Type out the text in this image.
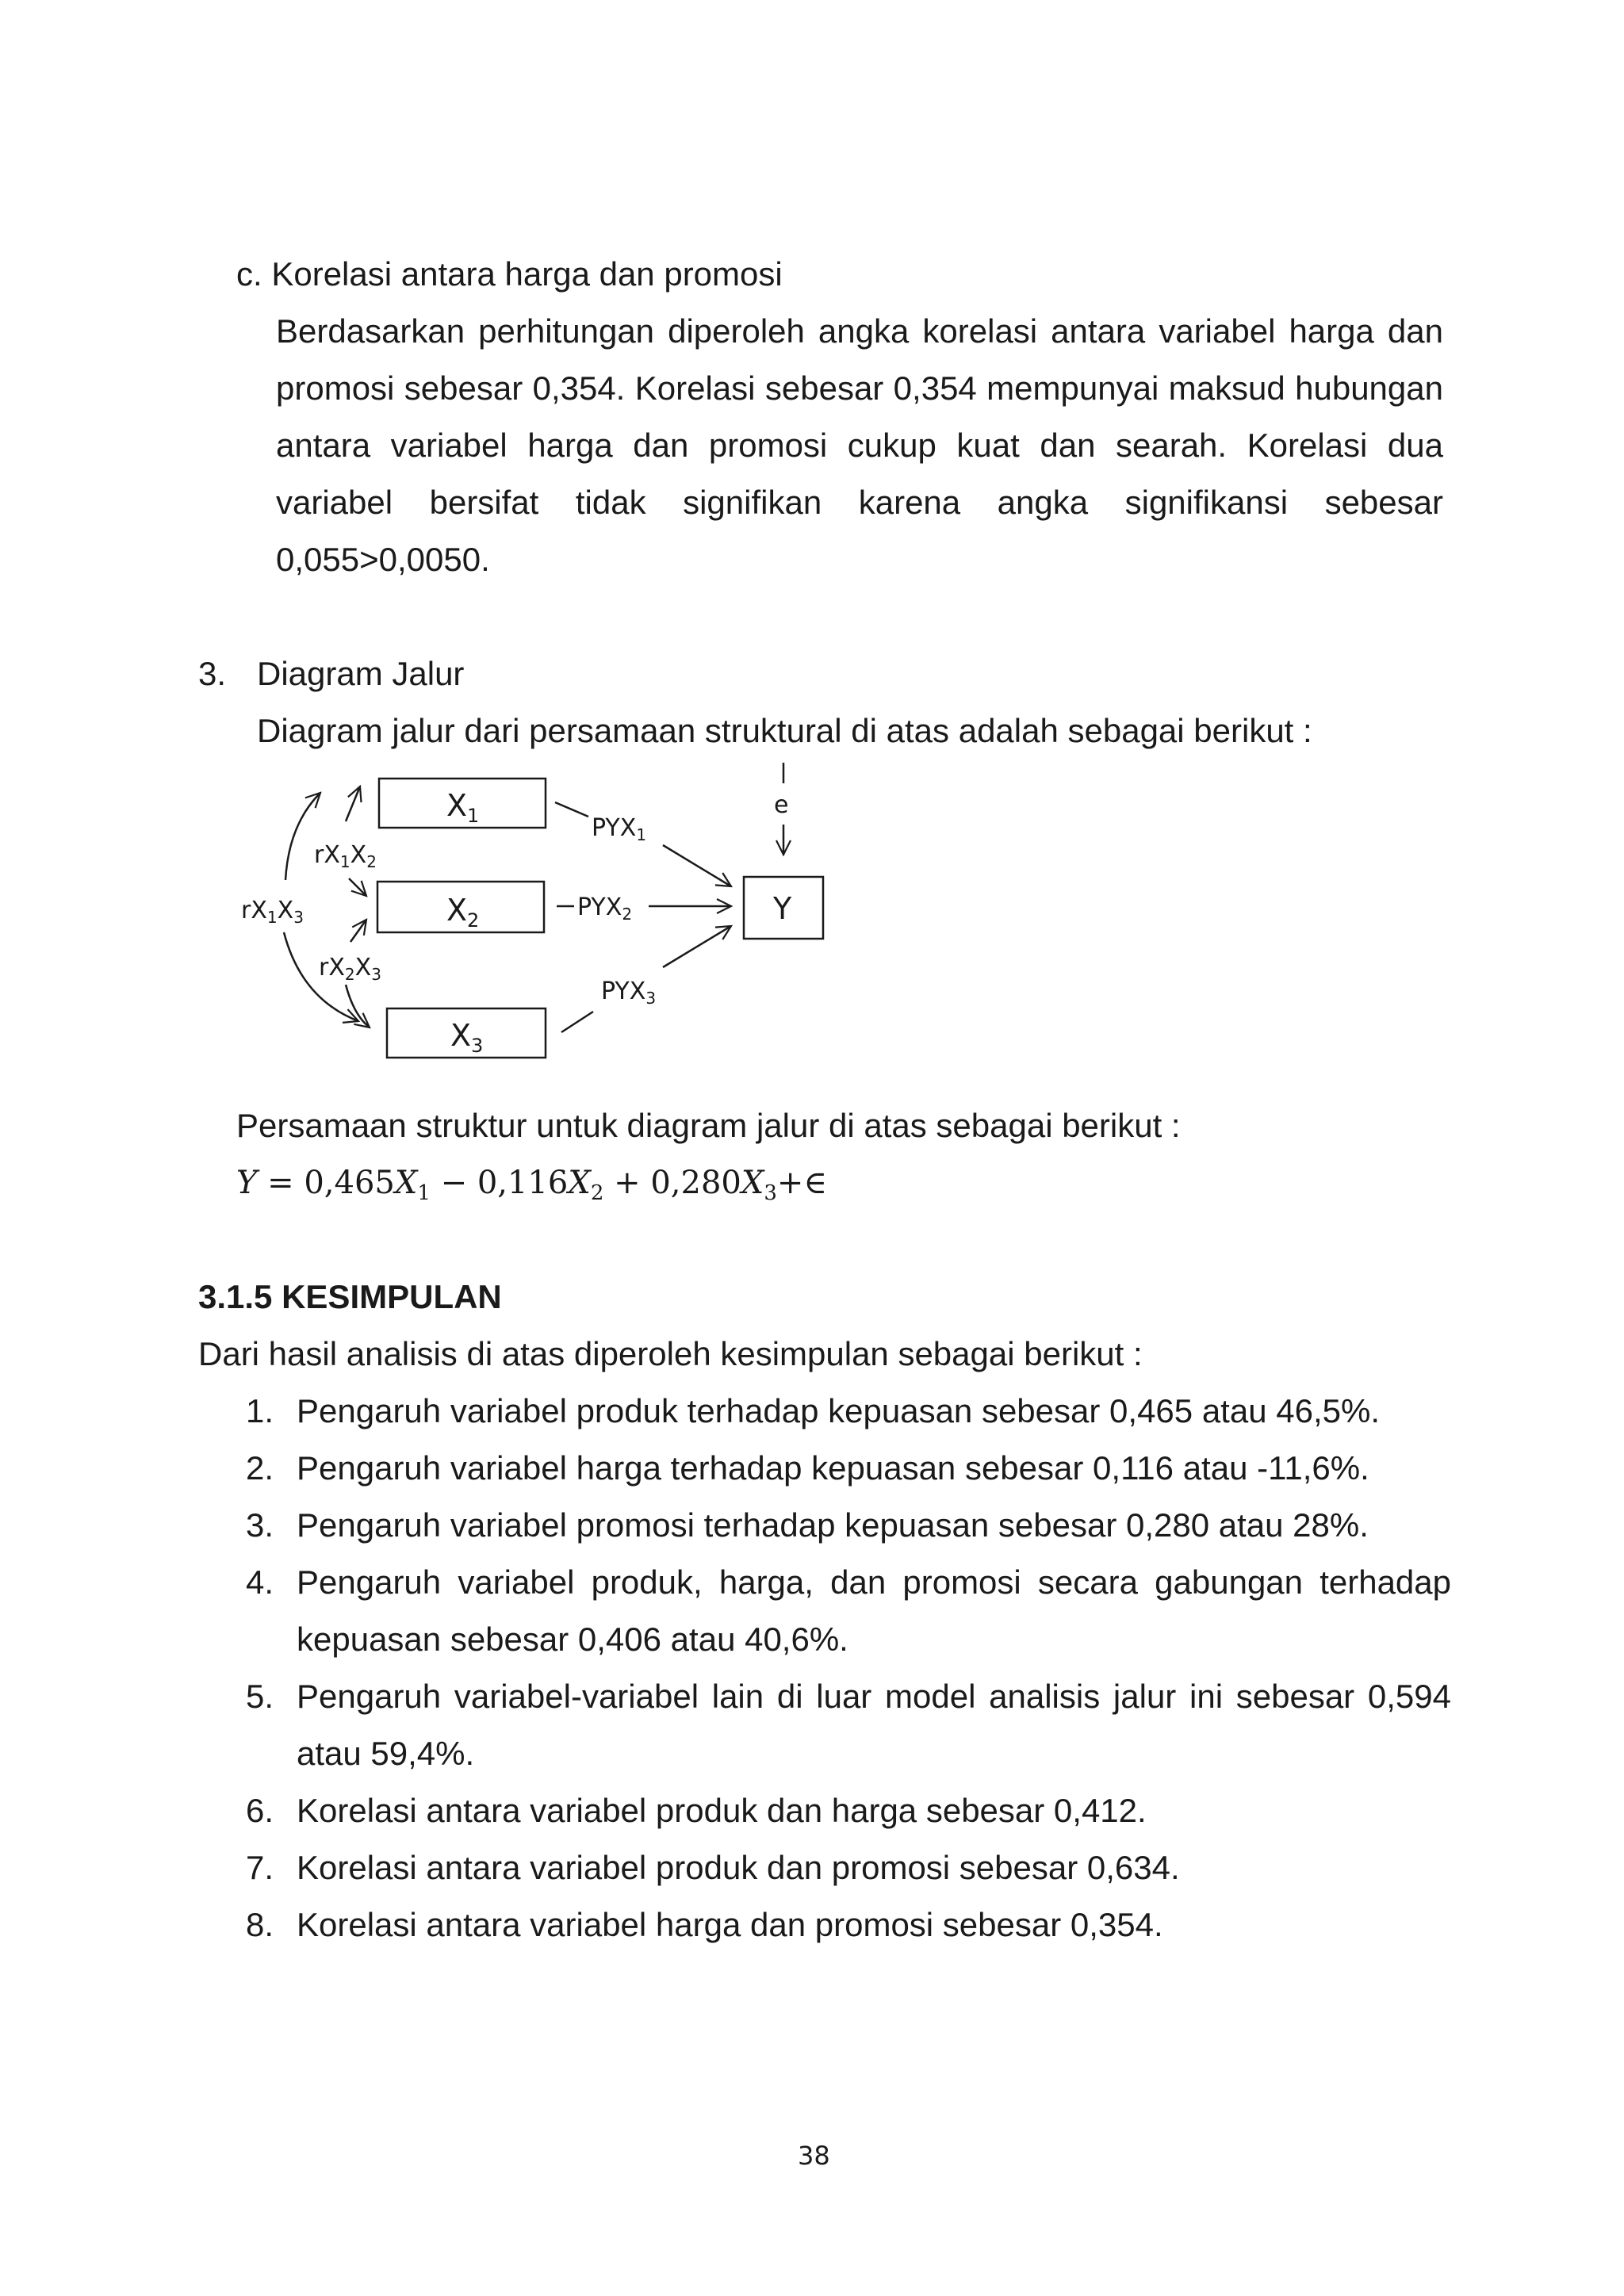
c. Korelasi antara harga dan promosi
Berdasarkan perhitungan diperoleh angka korelasi antara variabel harga dan
promosi sebesar 0,354. Korelasi sebesar 0,354 mempunyai maksud hubungan
antara variabel harga dan promosi cukup kuat dan searah. Korelasi dua
variabel bersifat tidak signifikan karena angka signifikansi sebesar
0,055>0,0050.
3. Diagram Jalur
Diagram jalur dari persamaan struktural di atas adalah sebagai berikut :
$X_1$
$X_2$
$X_3$
Y
e
$PYX_1$
$PYX_2$
$PYX_3$
$rX_1X_2$
$rX_1X_3$
$rX_2X_3$
Persamaan struktur untuk diagram jalur di atas sebagai berikut :
$Y = 0,465X_1 - 0,116X_2$ + $0,280X_3+\in$
3.1.5 KESIMPULAN
Dari hasil analisis di atas diperoleh kesimpulan sebagai berikut :
1. Pengaruh variabel produk terhadap kepuasan sebesar 0,465 atau 46,5%.
2. Pengaruh variabel harga terhadap kepuasan sebesar 0,116 atau -11,6%.
3. Pengaruh variabel promosi terhadap kepuasan sebesar 0,280 atau 28%.
4. Pengaruh variabel produk, harga, dan promosi secara gabungan terhadap
kepuasan sebesar 0,406 atau 40,6%.
5. Pengaruh variabel-variabel lain di luar model analisis jalur ini sebesar 0,594
atau 59,4%.
6. Korelasi antara variabel produk dan harga sebesar 0,412.
7. Korelasi antara variabel produk dan promosi sebesar 0,634.
8. Korelasi antara variabel harga dan promosi sebesar 0,354.
38
